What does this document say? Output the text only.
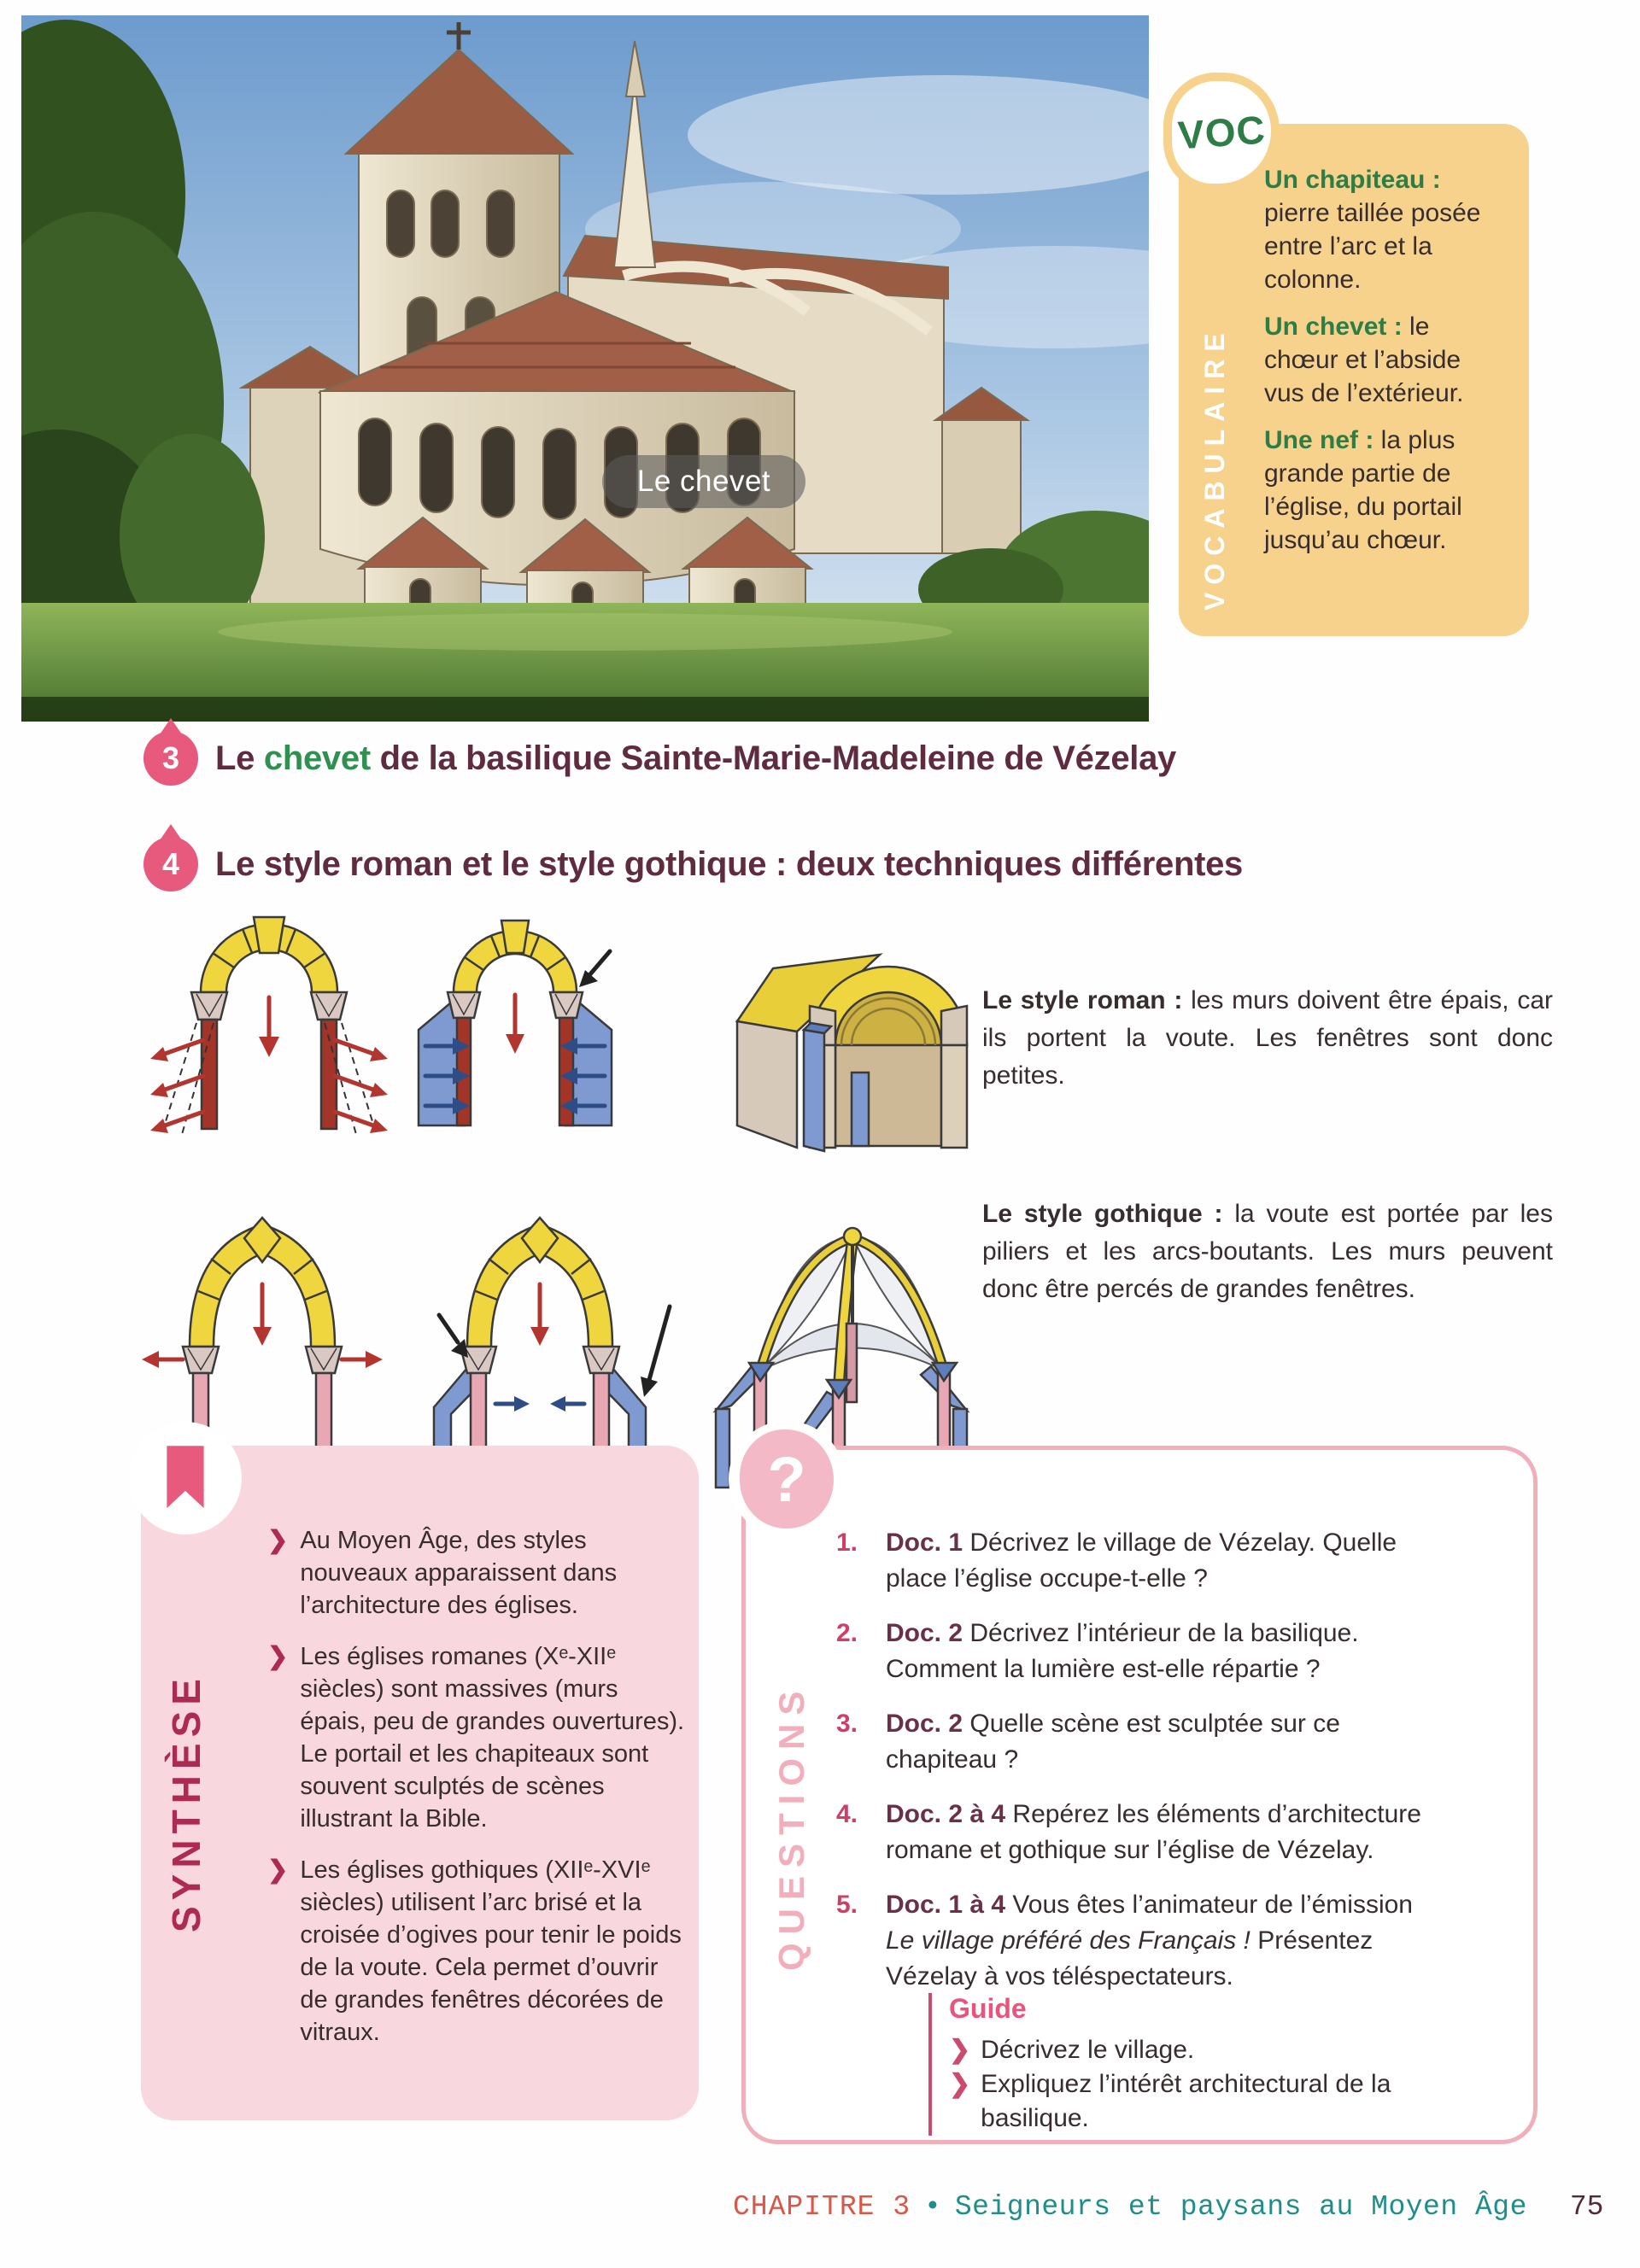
Le chevet
VOC
VOCABULAIRE

Un chapiteau : pierre taillée posée entre l’arc et la colonne.

Un chevet : le chœur et l’abside vus de l’extérieur.

Une nef : la plus grande partie de l’église, du portail jusqu’au chœur.

3 Le chevet de la basilique Sainte-Marie-Madeleine de Vézelay
4 Le style roman et le style gothique : deux techniques différentes

Le style roman : les murs doivent être épais, car ils portent la voute. Les fenêtres sont donc petites.

Le style gothique : la voute est portée par les piliers et les arcs-boutants. Les murs peuvent donc être percés de grandes fenêtres.

SYNTHÈSE
❯ Au Moyen Âge, des styles nouveaux apparaissent dans l’architecture des églises.
❯ Les églises romanes (Xᵉ-XIIᵉ siècles) sont massives (murs épais, peu de grandes ouvertures). Le portail et les chapiteaux sont souvent sculptés de scènes illustrant la Bible.
❯ Les églises gothiques (XIIᵉ-XVIᵉ siècles) utilisent l’arc brisé et la croisée d’ogives pour tenir le poids de la voute. Cela permet d’ouvrir de grandes fenêtres décorées de vitraux.
?
QUESTIONS
1.	Doc. 1 Décrivez le village de Vézelay. Quelle place l’église occupe-t-elle ?

2.	Doc. 2 Décrivez l’intérieur de la basilique. Comment la lumière est-elle répartie ?

3.	Doc. 2 Quelle scène est sculptée sur ce chapiteau ?

4.	Doc. 2 à 4 Repérez les éléments d’architecture romane et gothique sur l’église de Vézelay.

5.	Doc. 1 à 4 Vous êtes l’animateur de l’émission Le village préféré des Français ! Présentez Vézelay à vos téléspectateurs.

Guide
❯ Décrivez le village.
❯ Expliquez l’intérêt architectural de la basilique.
CHAPITRE 3 • Seigneurs et paysans au Moyen Âge 75
